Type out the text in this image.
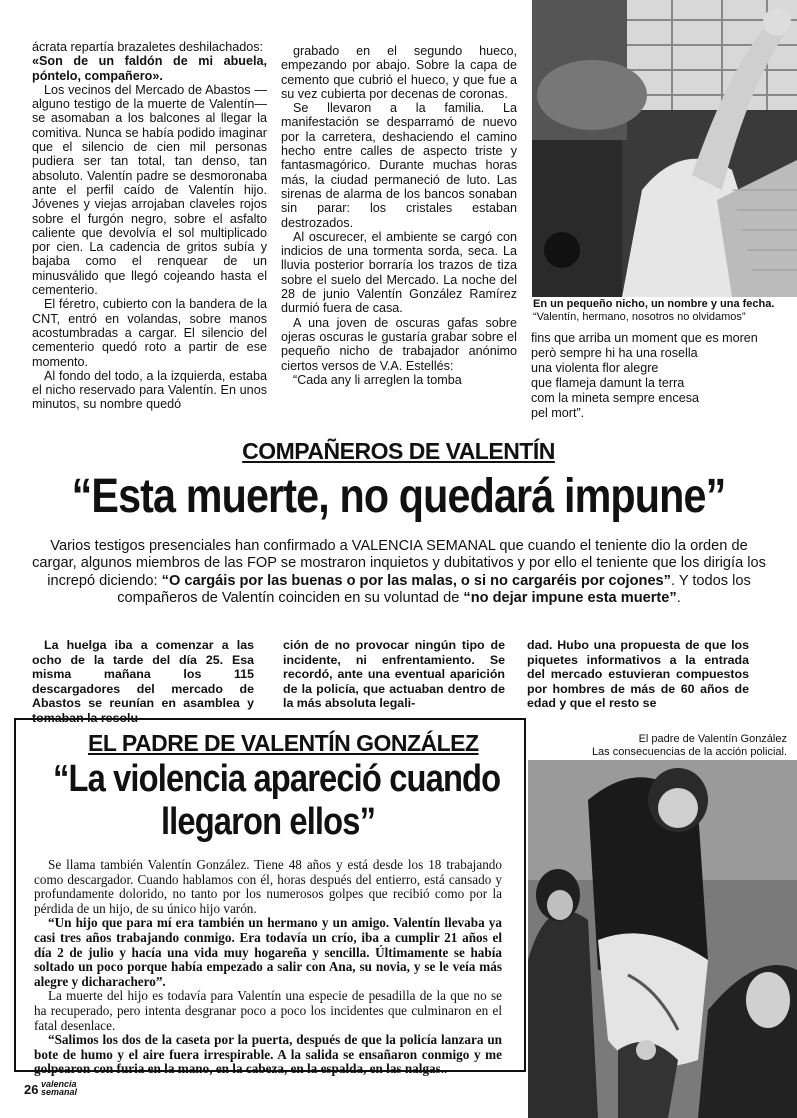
ácrata repartía brazaletes deshilachados:

«Son de un faldón de mi abuela, póntelo, compañero».

Los vecinos del Mercado de Abastos —alguno testigo de la muerte de Valentín— se asomaban a los balcones al llegar la comitiva. Nunca se había podido imaginar que el silencio de cien mil personas pudiera ser tan total, tan denso, tan absoluto. Valentín padre se desmoronaba ante el perfil caído de Valentín hijo. Jóvenes y viejas arrojaban claveles rojos sobre el furgón negro, sobre el asfalto caliente que devolvía el sol multiplicado por cien. La cadencia de gritos subía y bajaba como el renquear de un minusválido que llegó cojeando hasta el cementerio.

El féretro, cubierto con la bandera de la CNT, entró en volandas, sobre manos acostumbradas a cargar. El silencio del cementerio quedó roto a partir de ese momento.

Al fondo del todo, a la izquierda, estaba el nicho reservado para Valentín. En unos minutos, su nombre quedó

grabado en el segundo hueco, empezando por abajo. Sobre la capa de cemento que cubrió el hueco, y que fue a su vez cubierta por decenas de coronas.

Se llevaron a la familia. La manifestación se desparramó de nuevo por la carretera, deshaciendo el camino hecho entre calles de aspecto triste y fantasmagórico. Durante muchas horas más, la ciudad permaneció de luto. Las sirenas de alarma de los bancos sonaban sin parar: los cristales estaban destrozados.

Al oscurecer, el ambiente se cargó con indicios de una tormenta sorda, seca. La lluvia posterior borraría los trazos de tiza sobre el suelo del Mercado. La noche del 28 de junio Valentín González Ramírez durmió fuera de casa.

A una joven de oscuras gafas sobre ojeras oscuras le gustaría grabar sobre el pequeño nicho de trabajador anónimo ciertos versos de V.A. Estellés:

“Cada any li arreglen la tomba

En un pequeño nicho, un nombre y una fecha.
“Valentín, hermano, nosotros no olvidamos”
fins que arriba un moment que es moren
però sempre hi ha una rosella
una violenta flor alegre
que flameja damunt la terra
com la mineta sempre encesa
pel mort”.
COMPAÑEROS DE VALENTÍN
“Esta muerte, no quedará impune”
Varios testigos presenciales han confirmado a VALENCIA SEMANAL que cuando el teniente dio la orden de cargar, algunos miembros de las FOP se mostraron inquietos y dubitativos y por ello el teniente que los dirigía los increpó diciendo: “O cargáis por las buenas o por las malas, o si no cargaréis por cojones”. Y todos los compañeros de Valentín coinciden en su voluntad de “no dejar impune esta muerte”.
La huelga iba a comenzar a las ocho de la tarde del día 25. Esa misma mañana los 115 descargadores del mercado de Abastos se reunían en asamblea y tomaban la resolu-
ción de no provocar ningún tipo de incidente, ni enfrentamiento. Se recordó, ante una eventual aparición de la policía, que actuaban dentro de la más absoluta legali-
dad. Hubo una propuesta de que los piquetes informativos a la entrada del mercado estuvieran compuestos por hombres de más de 60 años de edad y que el resto se
EL PADRE DE VALENTÍN GONZÁLEZ
“La violencia apareció cuando
llegaron ellos”

Se llama también Valentín González. Tiene 48 años y está desde los 18 trabajando como descargador. Cuando hablamos con él, horas después del entierro, está cansado y profundamente dolorido, no tanto por los numerosos golpes que recibió como por la pérdida de un hijo, de su único hijo varón.

“Un hijo que para mí era también un hermano y un amigo. Valentín llevaba ya casi tres años trabajando conmigo. Era todavía un crío, iba a cumplir 21 años el día 2 de julio y hacía una vida muy hogareña y sencilla. Últimamente se había soltado un poco porque había empezado a salir con Ana, su novia, y se le veía más alegre y dicharachero”.

La muerte del hijo es todavía para Valentín una especie de pesadilla de la que no se ha recuperado, pero intenta desgranar poco a poco los incidentes que culminaron en el fatal desenlace.

“Salimos los dos de la caseta por la puerta, después de que la policía lanzara un bote de humo y el aire fuera irrespirable. A la salida se ensañaron conmigo y me golpearon con furia en la mano, en la cabeza, en la espalda, en las nalgas..

El padre de Valentín González
Las consecuencias de la acción policial.
26 valencia
semanal
